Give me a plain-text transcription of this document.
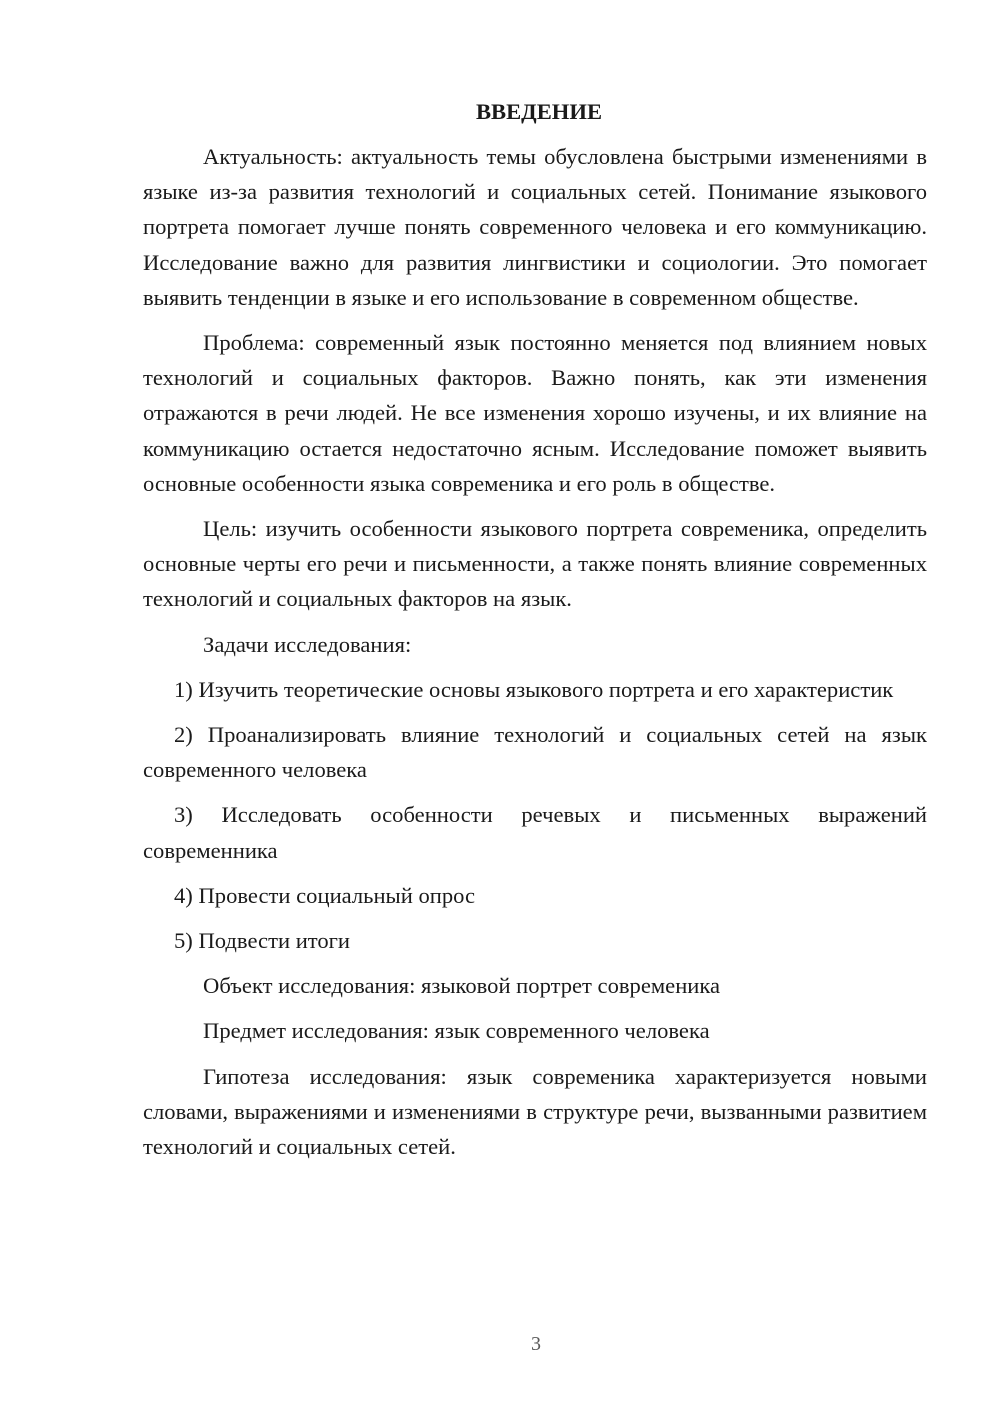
ВВЕДЕНИЕ

Актуальность: актуальность темы обусловлена быстрыми изменениями в языке из-за развития технологий и социальных сетей. Понимание языкового портрета помогает лучше понять современного человека и его коммуникацию. Исследование важно для развития лингвистики и социологии. Это помогает выявить тенденции в языке и его использование в современном обществе.

Проблема: современный язык постоянно меняется под влиянием новых технологий и социальных факторов. Важно понять, как эти изменения отражаются в речи людей. Не все изменения хорошо изучены, и их влияние на коммуникацию остается недостаточно ясным. Исследование поможет выявить основные особенности языка современика и его роль в обществе.

Цель: изучить особенности языкового портрета современика, определить основные черты его речи и письменности, а также понять влияние современных технологий и социальных факторов на язык.

Задачи исследования:

1) Изучить теоретические основы языкового портрета и его характеристик

2) Проанализировать влияние технологий и социальных сетей на язык современного человека

3) Исследовать особенности речевых и письменных выражений современника

4) Провести социальный опрос

5) Подвести итоги

Объект исследования: языковой портрет современика

Предмет исследования: язык современного человека

Гипотеза исследования: язык современика характеризуется новыми словами, выражениями и изменениями в структуре речи, вызванными развитием технологий и социальных сетей.

3
